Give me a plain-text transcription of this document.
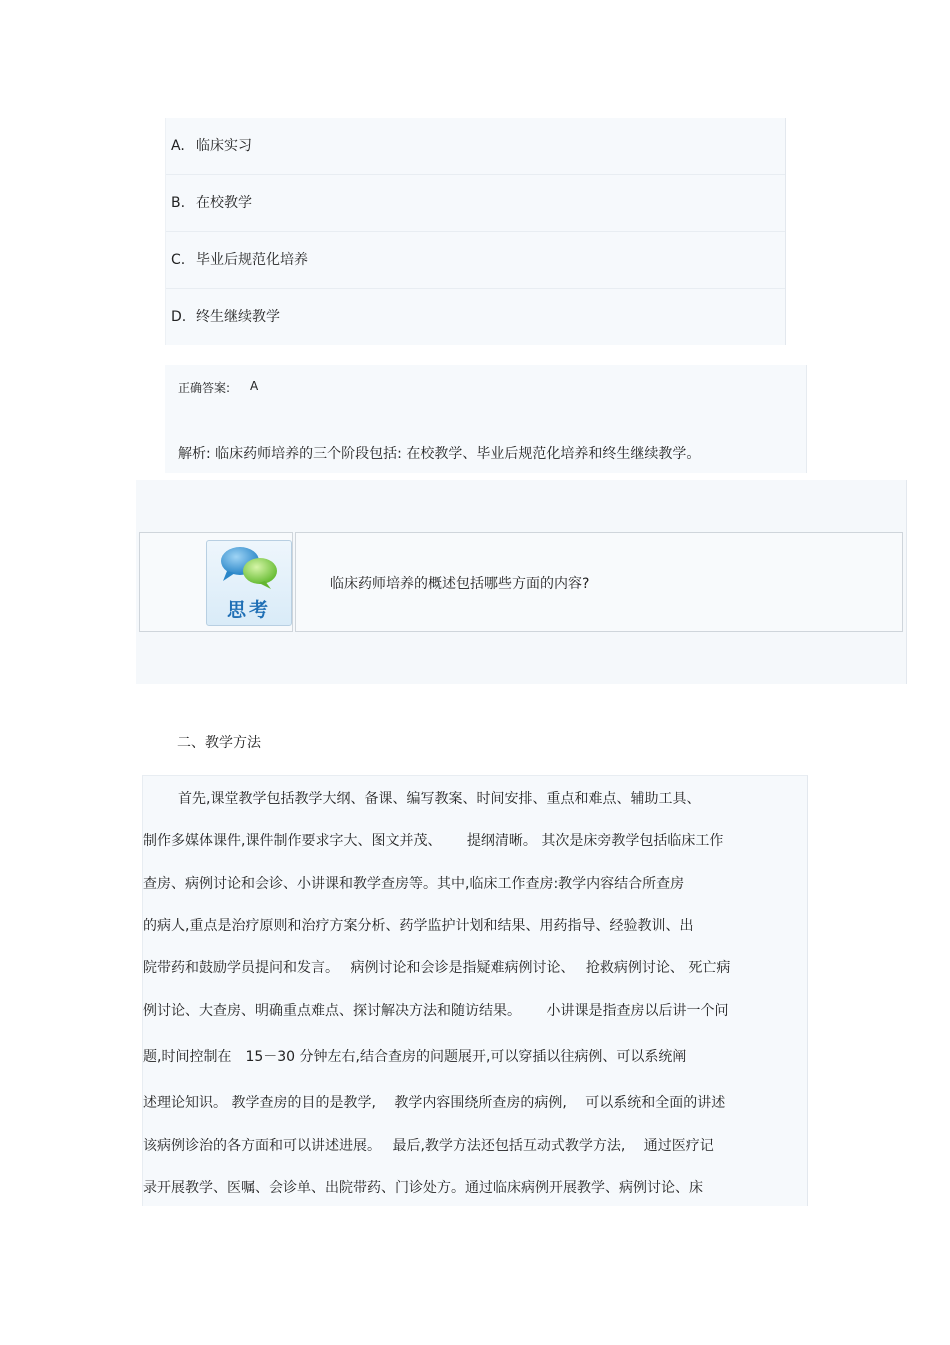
A. 临床实习
B. 在校教学
C. 毕业后规范化培养
D. 终生继续教学
正确答案: A
解析: 临床药师培养的三个阶段包括: 在校教学、毕业后规范化培养和终生继续教学。
临床药师培养的概述包括哪些方面的内容?
思考
二、教学方法
首先,课堂教学包括教学大纲、备课、编写教案、时间安排、重点和难点、辅助工具、
制作多媒体课件,课件制作要求字大、图文并茂、　　 提纲清晰。 其次是床旁教学包括临床工作
查房、病例讨论和会诊、小讲课和教学查房等。其中,临床工作查房:教学内容结合所查房
的病人,重点是治疗原则和治疗方案分析、药学监护计划和结果、用药指导、经验教训、出
院带药和鼓励学员提问和发言。　 病例讨论和会诊是指疑难病例讨论、　 抢救病例讨论、 死亡病
例讨论、大查房、明确重点难点、探讨解决方法和随访结果。　　 小讲课是指查房以后讲一个问
题,时间控制在　15－30 分钟左右,结合查房的问题展开,可以穿插以往病例、可以系统阐
述理论知识。 教学查房的目的是教学,　 教学内容围绕所查房的病例,　 可以系统和全面的讲述
该病例诊治的各方面和可以讲述进展。　 最后,教学方法还包括互动式教学方法,　 通过医疗记
录开展教学、医嘱、会诊单、出院带药、门诊处方。通过临床病例开展教学、病例讨论、床
